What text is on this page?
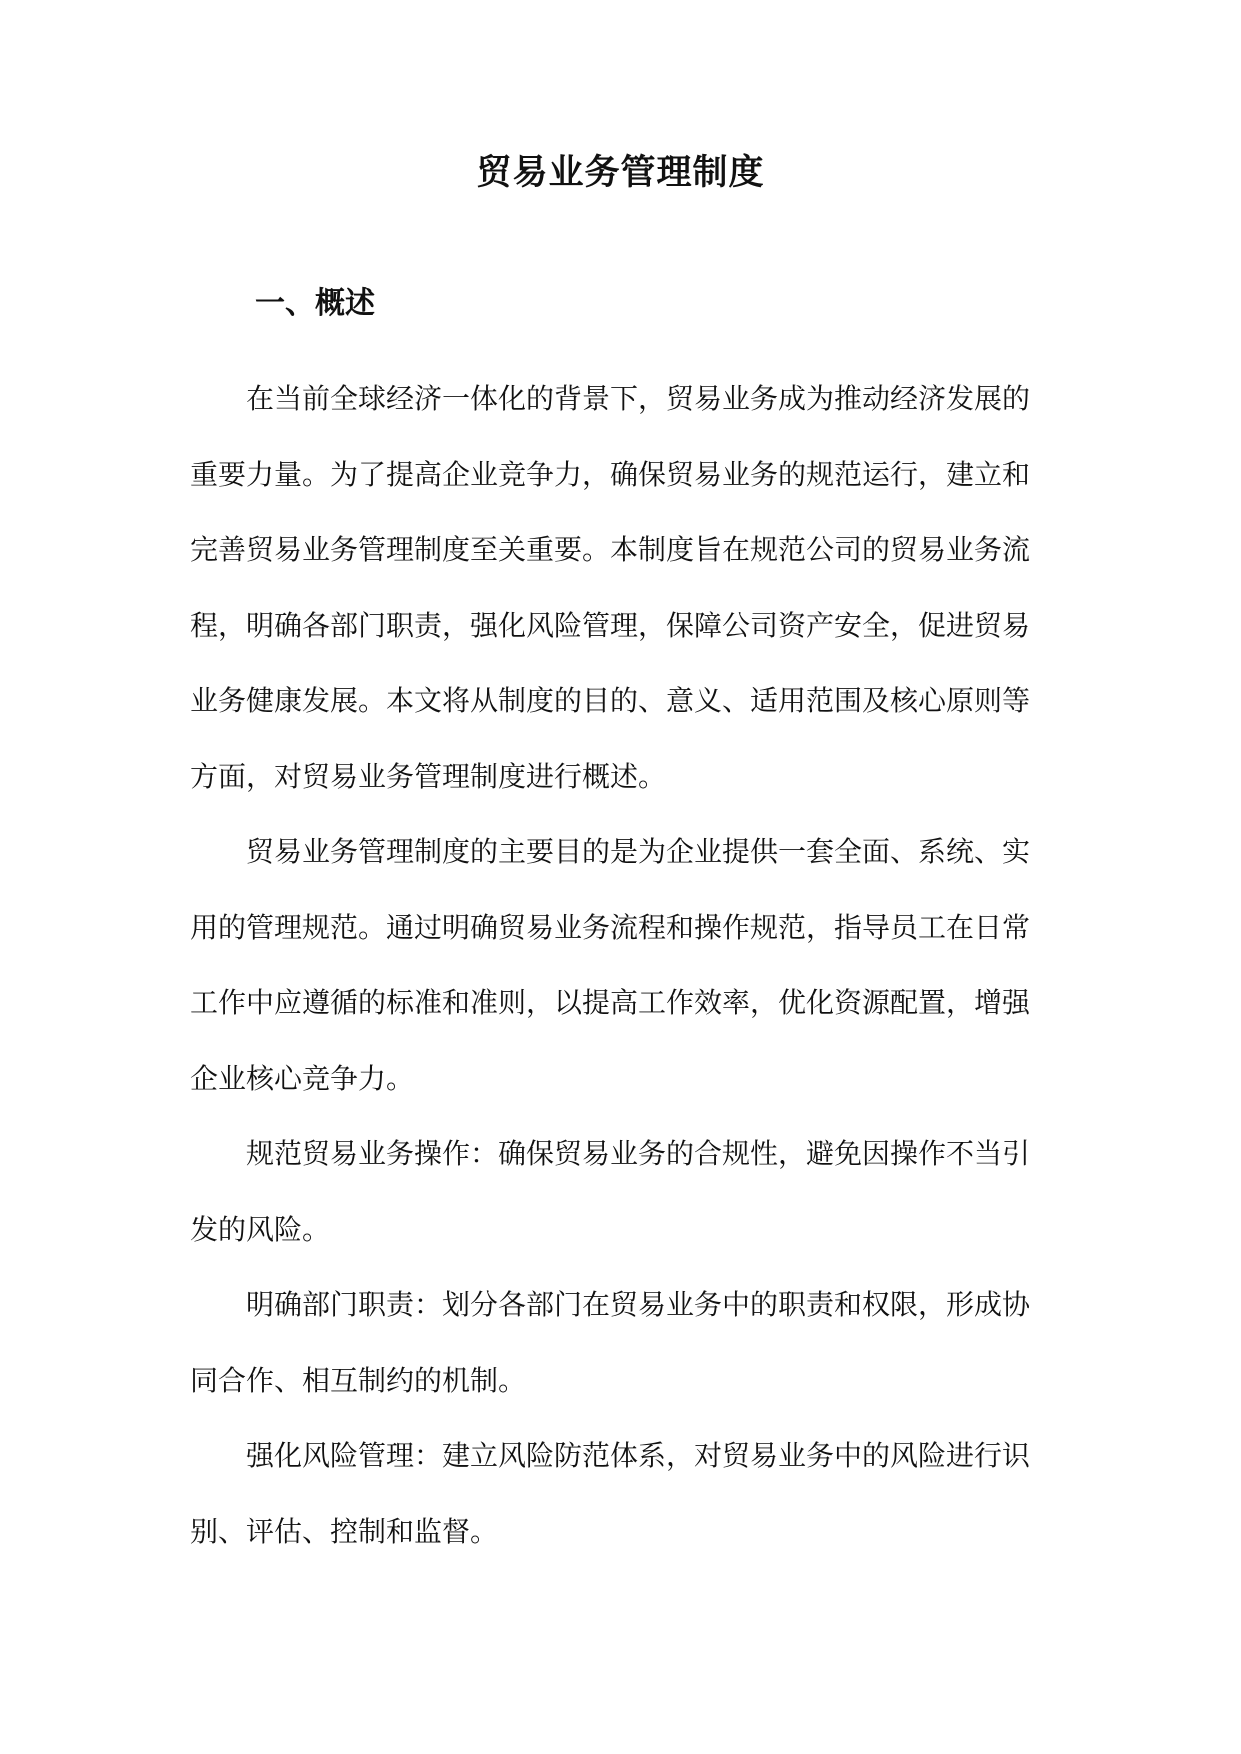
贸易业务管理制度
一、概述

在当前全球经济一体化的背景下，贸易业务成为推动经济发展的
重要力量。为了提高企业竞争力，确保贸易业务的规范运行，建立和
完善贸易业务管理制度至关重要。本制度旨在规范公司的贸易业务流
程，明确各部门职责，强化风险管理，保障公司资产安全，促进贸易
业务健康发展。本文将从制度的目的、意义、适用范围及核心原则等
方面，对贸易业务管理制度进行概述。

贸易业务管理制度的主要目的是为企业提供一套全面、系统、实
用的管理规范。通过明确贸易业务流程和操作规范，指导员工在日常
工作中应遵循的标准和准则，以提高工作效率，优化资源配置，增强
企业核心竞争力。

规范贸易业务操作：确保贸易业务的合规性，避免因操作不当引
发的风险。

明确部门职责：划分各部门在贸易业务中的职责和权限，形成协
同合作、相互制约的机制。

强化风险管理：建立风险防范体系，对贸易业务中的风险进行识
别、评估、控制和监督。
